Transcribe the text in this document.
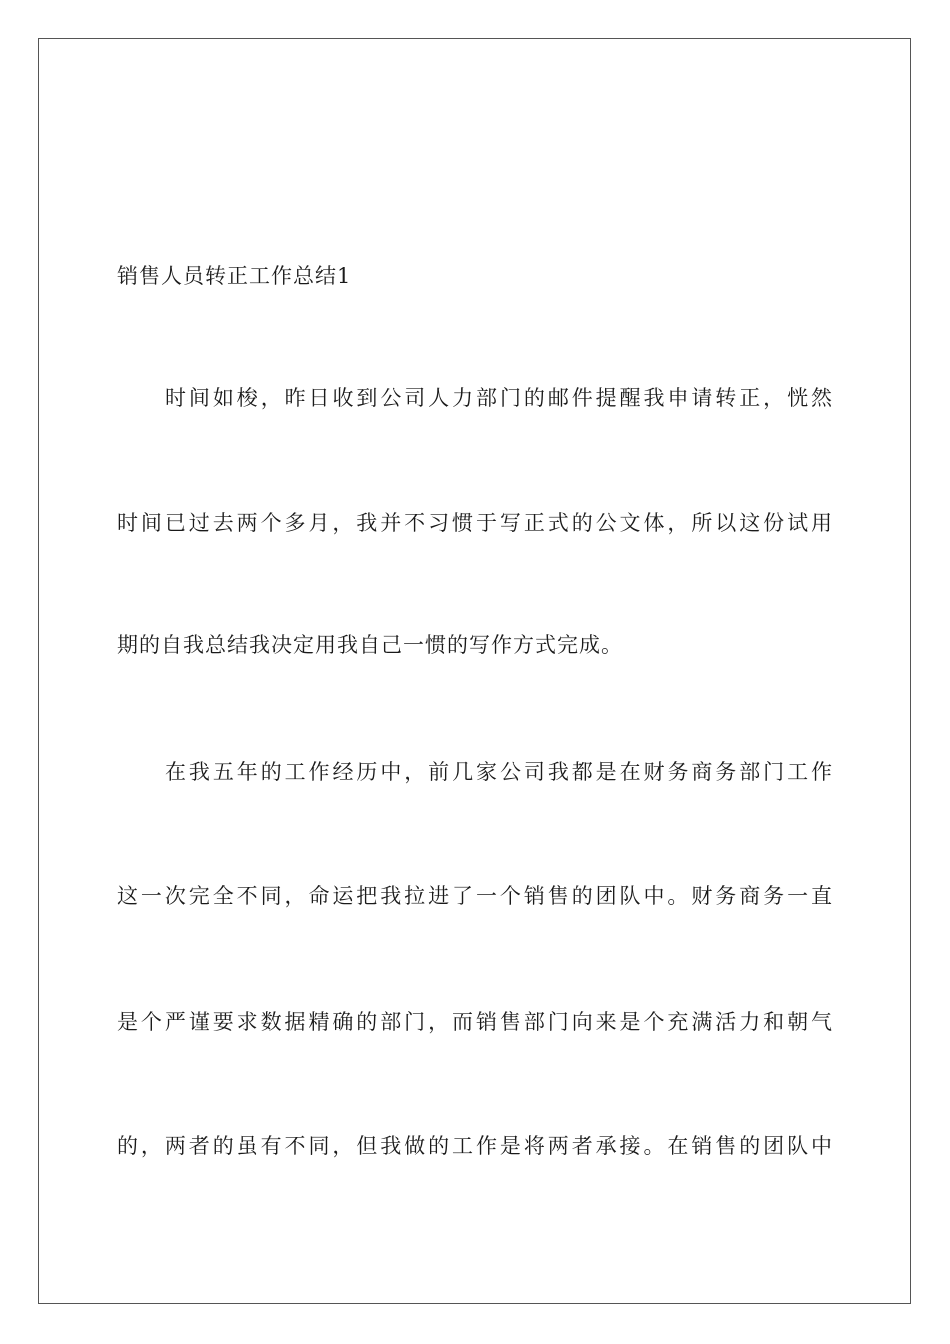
销售人员转正工作总结1
时间如梭，昨日收到公司人力部门的邮件提醒我申请转正，恍然
时间已过去两个多月，我并不习惯于写正式的公文体，所以这份试用
期的自我总结我决定用我自己一惯的写作方式完成。
在我五年的工作经历中，前几家公司我都是在财务商务部门工作
这一次完全不同，命运把我拉进了一个销售的团队中。财务商务一直
是个严谨要求数据精确的部门，而销售部门向来是个充满活力和朝气
的，两者的虽有不同，但我做的工作是将两者承接。在销售的团队中
